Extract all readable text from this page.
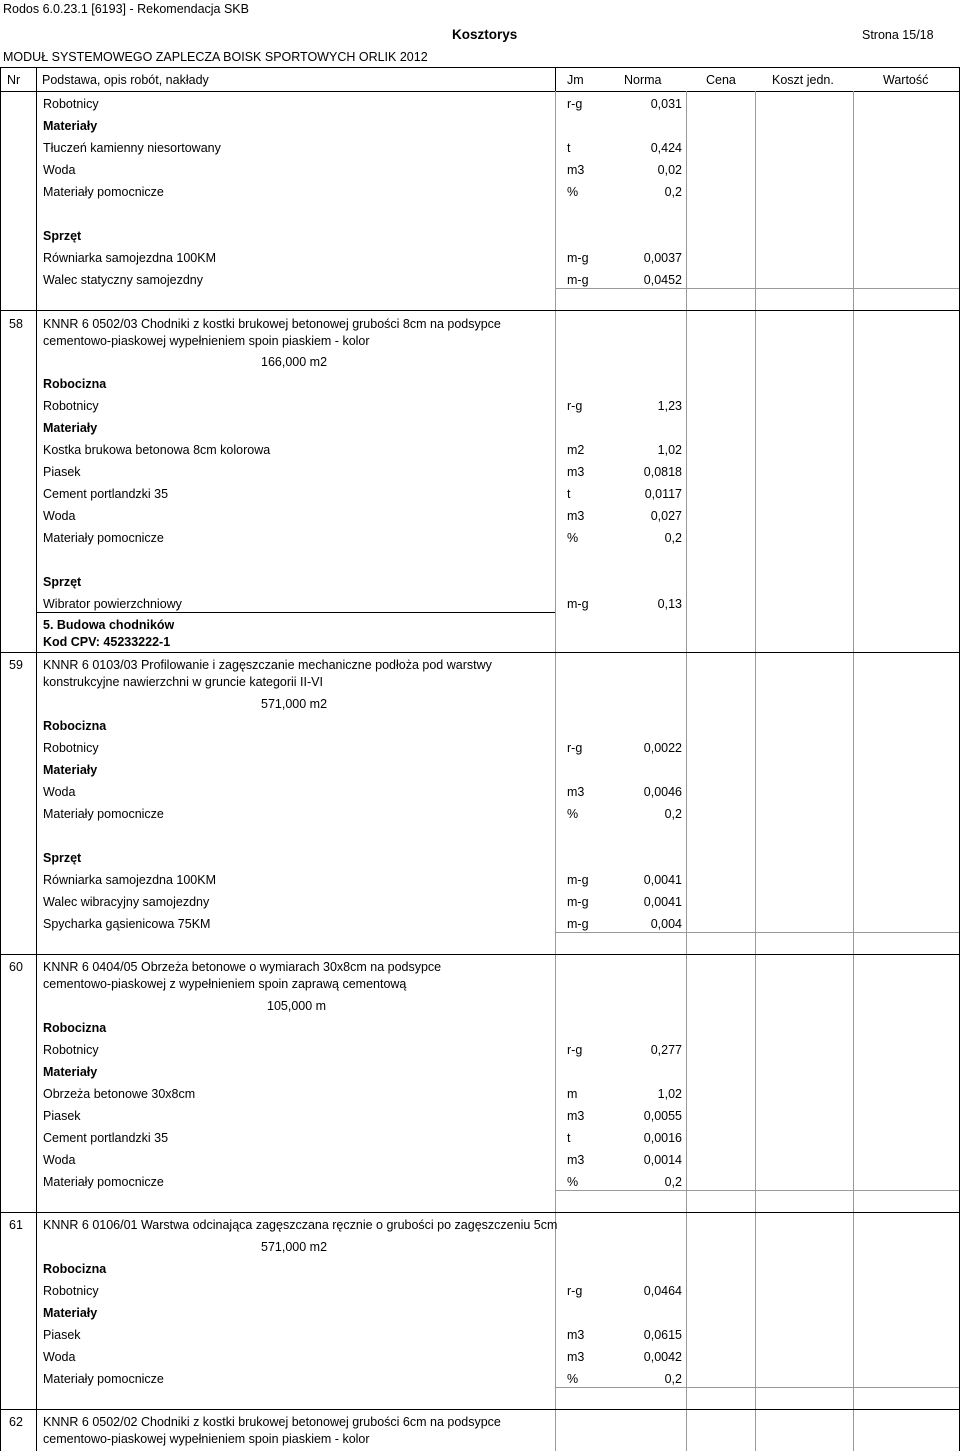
Rodos 6.0.23.1 [6193] - Rekomendacja SKB
Kosztorys	Strona 15/18
MODUŁ SYSTEMOWEGO ZAPLECZA BOISK SPORTOWYCH ORLIK 2012
Nr Podstawa, opis robót, nakłady	Jm	Norma	Cena	Koszt jedn.	Wartość
Robotnicy	r-g	0,031
Materiały
Tłuczeń kamienny niesortowany	t	0,424
Woda	m3	0,02
Materiały pomocnicze	%	0,2
Sprzęt
Równiarka samojezdna 100KM	m-g	0,0037
Walec statyczny samojezdny	m-g	0,0452
58 KNNR 6 0502/03 Chodniki z kostki brukowej betonowej grubości 8cm na podsypce
cementowo-piaskowej wypełnieniem spoin piaskiem - kolor
166,000 m2
Robocizna
Robotnicy	r-g	1,23
Materiały
Kostka brukowa betonowa 8cm kolorowa	m2	1,02
Piasek	m3	0,0818
Cement portlandzki 35	t	0,0117
Woda	m3	0,027
Materiały pomocnicze	%	0,2
Sprzęt
Wibrator powierzchniowy	m-g	0,13
5. Budowa chodników
Kod CPV: 45233222-1
59 KNNR 6 0103/03 Profilowanie i zagęszczanie mechaniczne podłoża pod warstwy
konstrukcyjne nawierzchni w gruncie kategorii II-VI
571,000 m2
Robocizna
Robotnicy	r-g	0,0022
Materiały
Woda	m3	0,0046
Materiały pomocnicze	%	0,2
Sprzęt
Równiarka samojezdna 100KM	m-g	0,0041
Walec wibracyjny samojezdny	m-g	0,0041
Spycharka gąsienicowa 75KM	m-g	0,004
60 KNNR 6 0404/05 Obrzeża betonowe o wymiarach 30x8cm na podsypce
cementowo-piaskowej z wypełnieniem spoin zaprawą cementową
105,000 m
Robocizna
Robotnicy	r-g	0,277
Materiały
Obrzeża betonowe 30x8cm	m	1,02
Piasek	m3	0,0055
Cement portlandzki 35	t	0,0016
Woda	m3	0,0014
Materiały pomocnicze	%	0,2
61 KNNR 6 0106/01 Warstwa odcinająca zagęszczana ręcznie o grubości po zagęszczeniu 5cm
571,000 m2
Robocizna
Robotnicy	r-g	0,0464
Materiały
Piasek	m3	0,0615
Woda	m3	0,0042
Materiały pomocnicze	%	0,2
62 KNNR 6 0502/02 Chodniki z kostki brukowej betonowej grubości 6cm na podsypce
cementowo-piaskowej wypełnieniem spoin piaskiem - kolor
